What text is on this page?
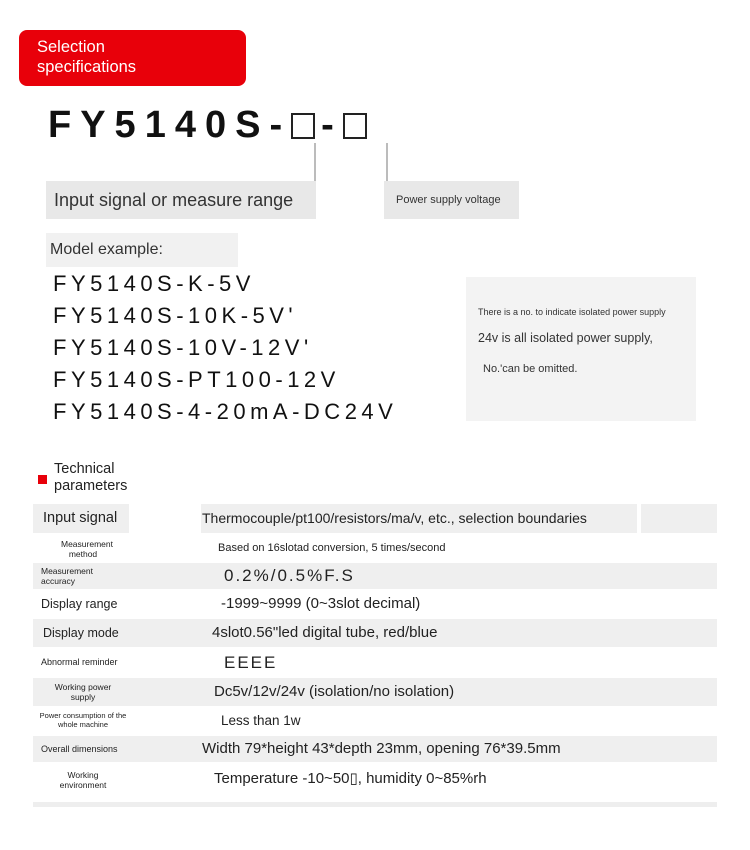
Selection
specifications
FY5140S- -
Input signal or measure range	Power supply voltage
Model example:
FY5140S-K-5V
FY5140S-10K-5V'
FY5140S-10V-12V'
FY5140S-PT100-12V
FY5140S-4-20mA-DC24V
There is a no. to indicate isolated power supply
24v is all isolated power supply,
No.'can be omitted.
Technical
parameters
Input signal	Thermocouple/pt100/resistors/ma/v, etc., selection boundaries
Measurement method	Based on 16slotad conversion, 5 times/second
Measurement accuracy	0.2%/0.5%F.S
Display range	-1999~9999 (0~3slot decimal)
Display mode	4slot0.56"led digital tube, red/blue
Abnormal reminder	EEEE
Working power supply	Dc5v/12v/24v (isolation/no isolation)
Power consumption of the whole machine	Less than 1w
Overall dimensions	Width 79*height 43*depth 23mm, opening 76*39.5mm
Working environment	Temperature -10~50▯, humidity 0~85%rh
